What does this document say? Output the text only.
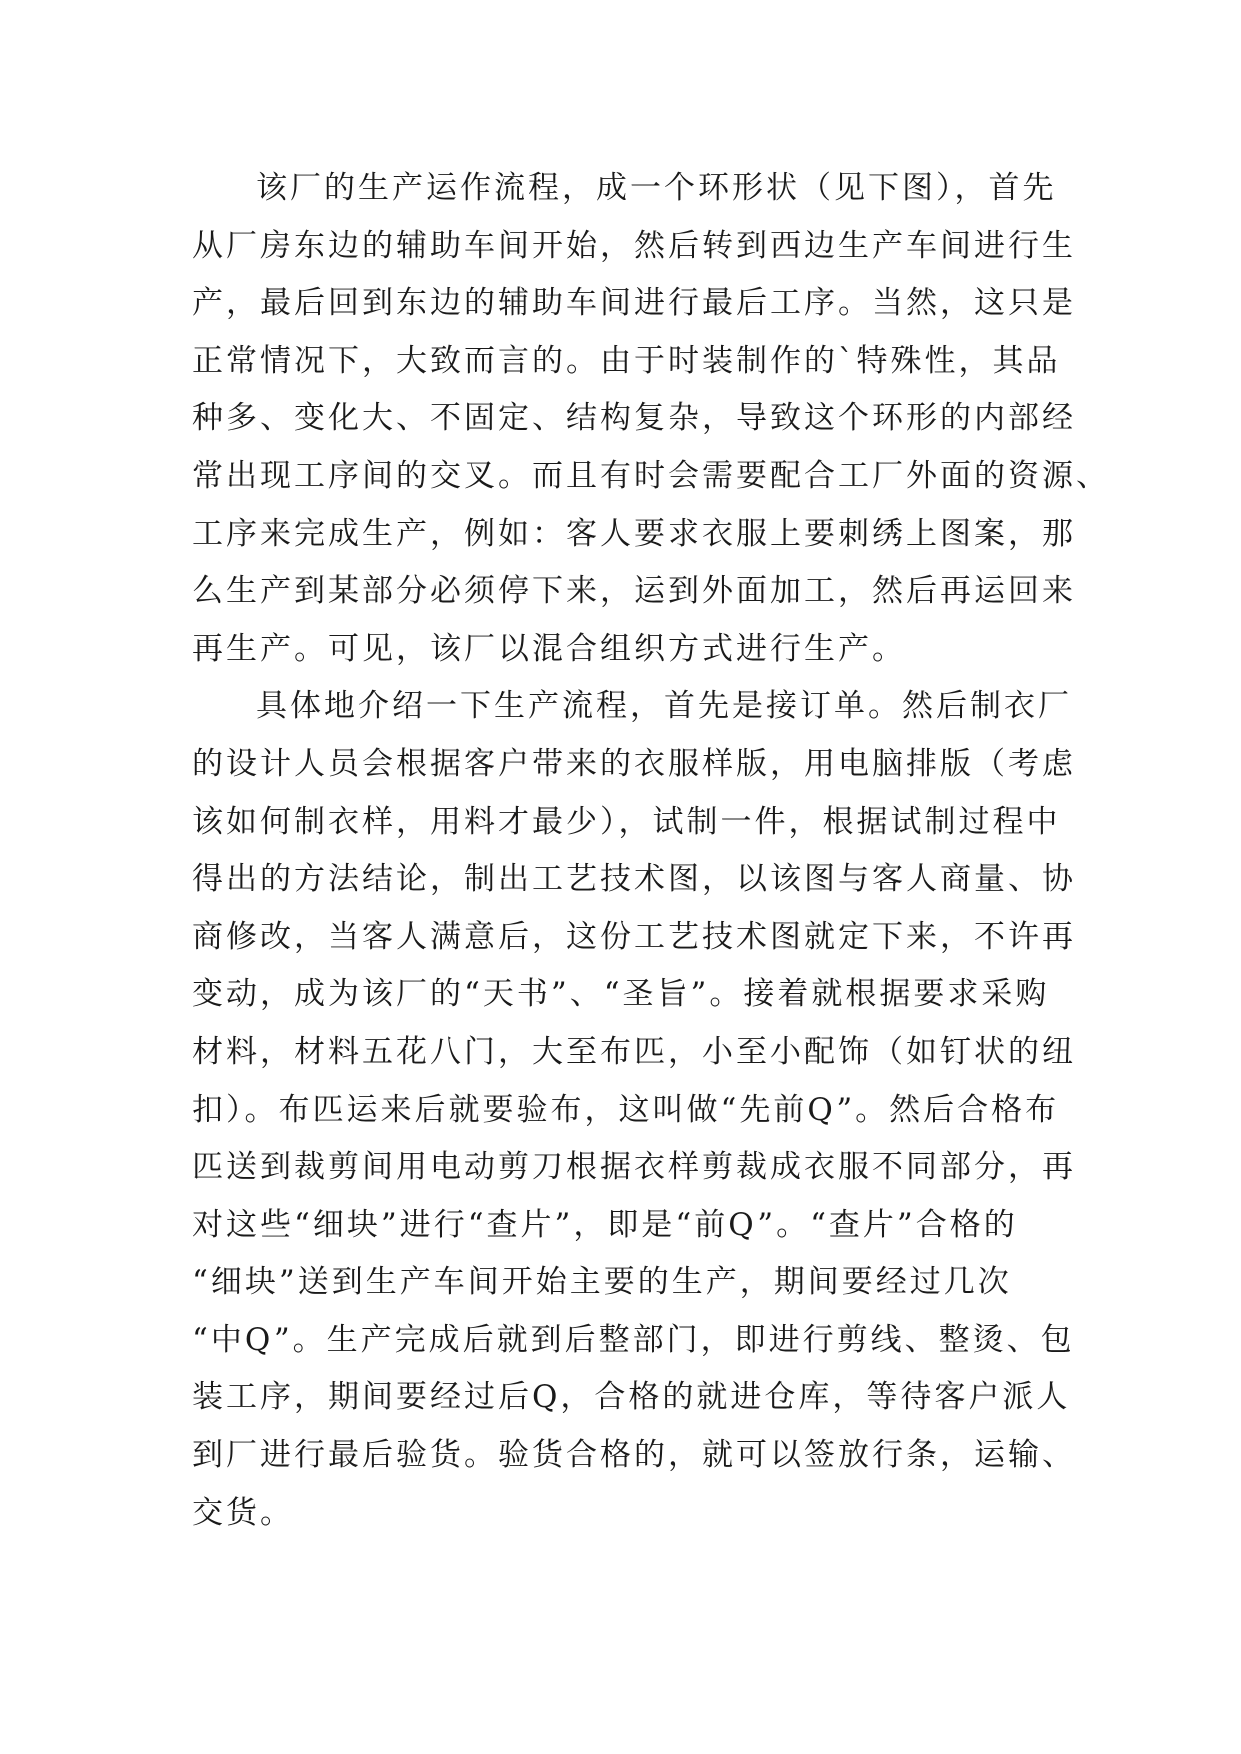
该厂的生产运作流程，成一个环形状（见下图），首先
从厂房东边的辅助车间开始，然后转到西边生产车间进行生
产，最后回到东边的辅助车间进行最后工序。当然，这只是
正常情况下，大致而言的。由于时装制作的`特殊性，其品
种多、变化大、不固定、结构复杂，导致这个环形的内部经
常出现工序间的交叉。而且有时会需要配合工厂外面的资源、
工序来完成生产，例如：客人要求衣服上要刺绣上图案，那
么生产到某部分必须停下来，运到外面加工，然后再运回来
再生产。可见，该厂以混合组织方式进行生产。
具体地介绍一下生产流程，首先是接订单。然后制衣厂
的设计人员会根据客户带来的衣服样版，用电脑排版（考虑
该如何制衣样，用料才最少），试制一件，根据试制过程中
得出的方法结论，制出工艺技术图，以该图与客人商量、协
商修改，当客人满意后，这份工艺技术图就定下来，不许再
变动，成为该厂的“天书”、“圣旨”。接着就根据要求采购
材料，材料五花八门，大至布匹，小至小配饰（如钉状的纽
扣）。布匹运来后就要验布，这叫做“先前Q”。然后合格布
匹送到裁剪间用电动剪刀根据衣样剪裁成衣服不同部分，再
对这些“细块”进行“查片”，即是“前Q”。“查片”合格的
“细块”送到生产车间开始主要的生产，期间要经过几次
“中Q”。生产完成后就到后整部门，即进行剪线、整烫、包
装工序，期间要经过后Q，合格的就进仓库，等待客户派人
到厂进行最后验货。验货合格的，就可以签放行条，运输、
交货。
